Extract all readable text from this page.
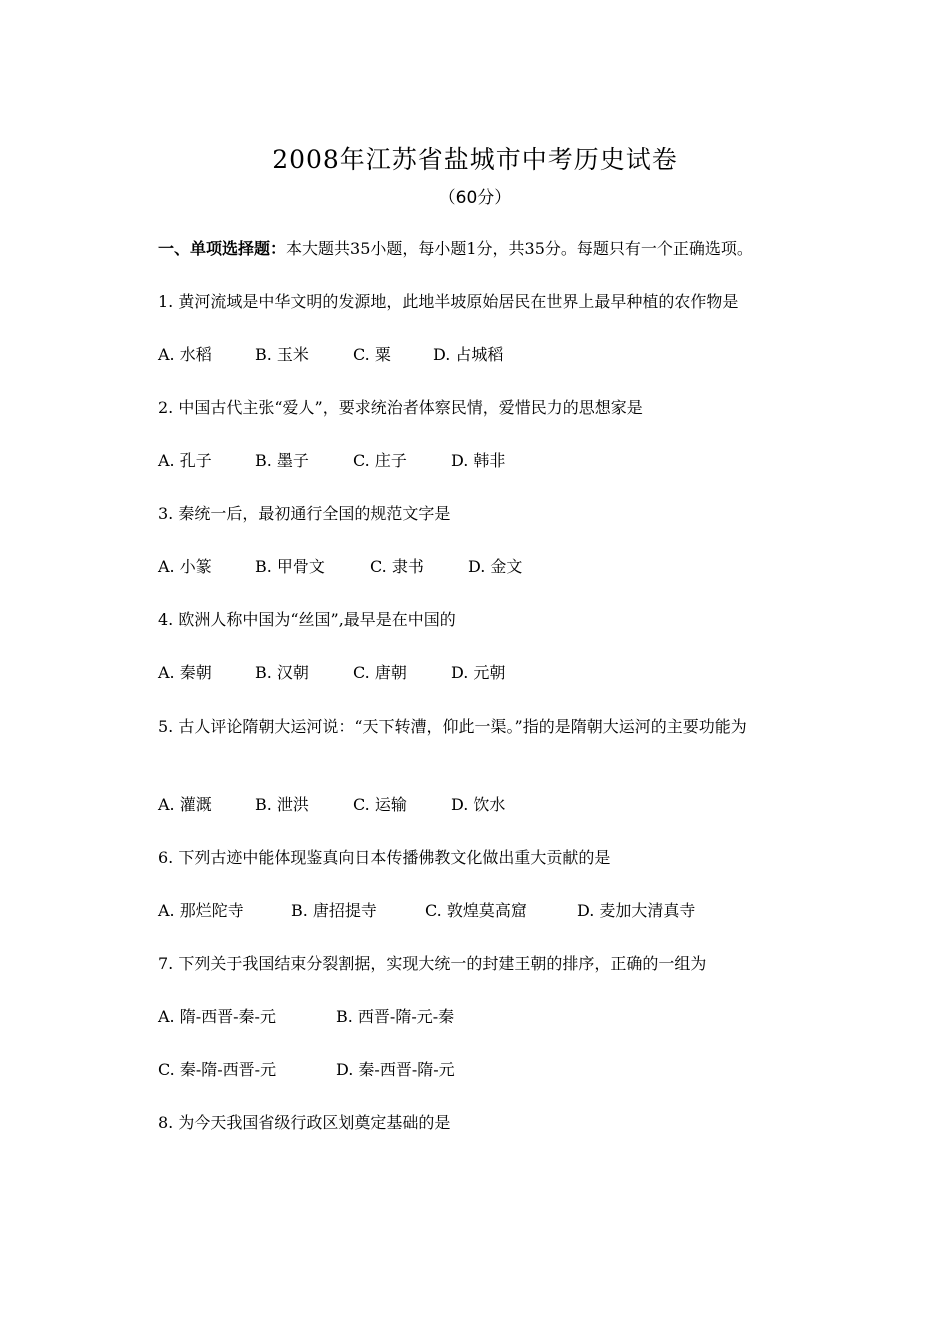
2008年江苏省盐城市中考历史试卷
（60分）
一、单项选择题：本大题共35小题，每小题1分，共35分。每题只有一个正确选项。
1. 黄河流域是中华文明的发源地，此地半坡原始居民在世界上最早种植的农作物是
A. 水稻	B. 玉米	C. 粟	D. 占城稻
2. 中国古代主张“爱人”，要求统治者体察民情，爱惜民力的思想家是
A. 孔子	B. 墨子	C. 庄子	D. 韩非
3. 秦统一后，最初通行全国的规范文字是
A. 小篆	B. 甲骨文	C. 隶书	D. 金文
4. 欧洲人称中国为“丝国”,最早是在中国的
A. 秦朝	B. 汉朝	C. 唐朝	D. 元朝
5. 古人评论隋朝大运河说：“天下转漕，仰此一渠。”指的是隋朝大运河的主要功能为
A. 灌溉	B. 泄洪	C. 运输	D. 饮水
6. 下列古迹中能体现鉴真向日本传播佛教文化做出重大贡献的是
A. 那烂陀寺	B. 唐招提寺	C. 敦煌莫高窟	D. 麦加大清真寺
7. 下列关于我国结束分裂割据，实现大统一的封建王朝的排序，正确的一组为
A. 隋-西晋-秦-元	B. 西晋-隋-元-秦
C. 秦-隋-西晋-元	D. 秦-西晋-隋-元
8. 为今天我国省级行政区划奠定基础的是
